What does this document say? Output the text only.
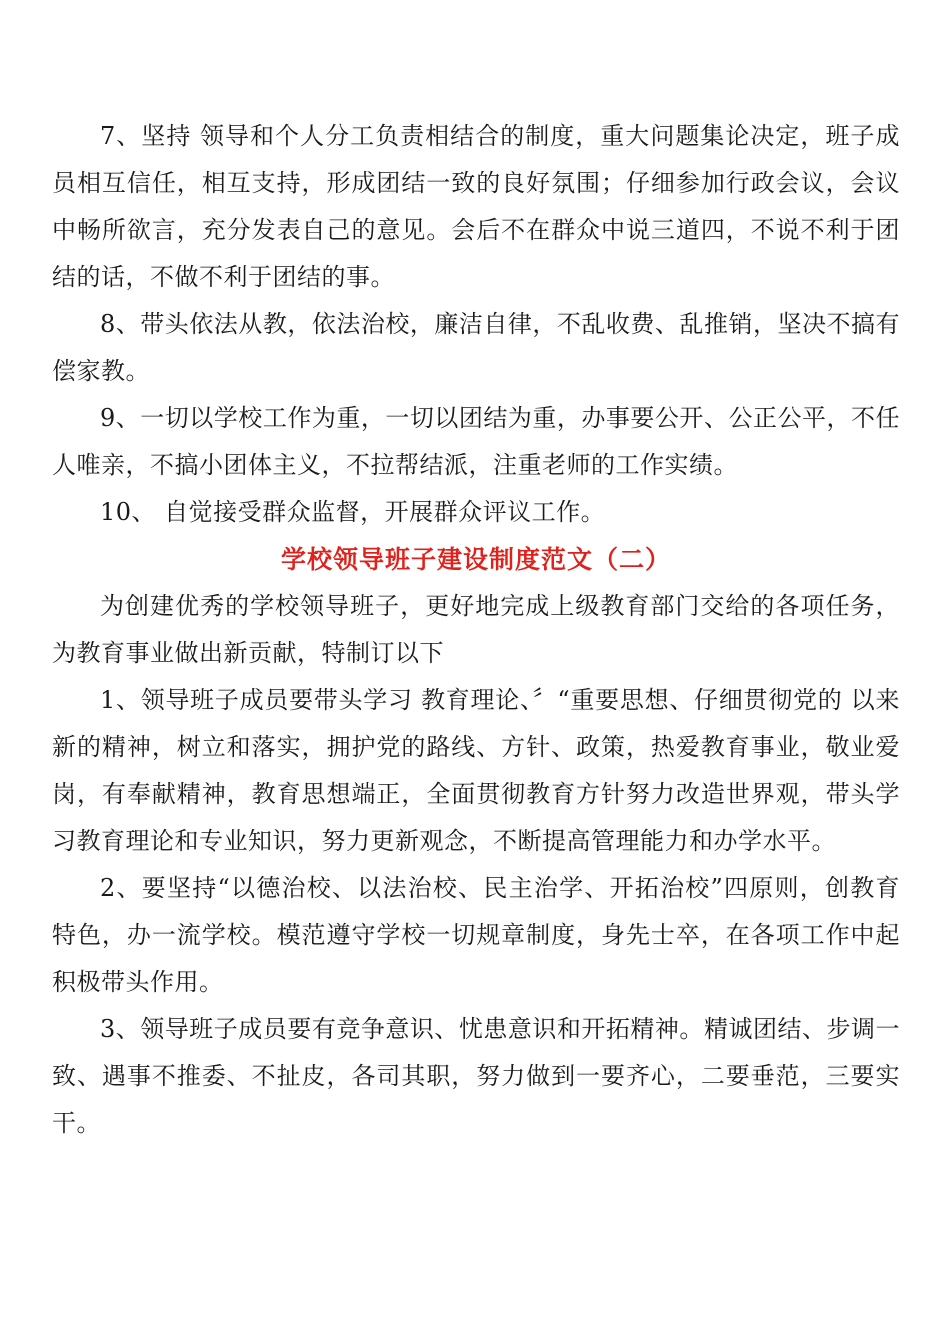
7、坚持 领导和个人分工负责相结合的制度，重大问题集论决定，班子成员相互信任，相互支持，形成团结一致的良好氛围；仔细参加行政会议，会议中畅所欲言，充分发表自己的意见。会后不在群众中说三道四，不说不利于团结的话，不做不利于团结的事。

8、带头依法从教，依法治校，廉洁自律，不乱收费、乱推销，坚决不搞有偿家教。

9、一切以学校工作为重，一切以团结为重，办事要公开、公正公平，不任人唯亲，不搞小团体主义，不拉帮结派，注重老师的工作实绩。

10、 自觉接受群众监督，开展群众评议工作。

学校领导班子建设制度范文（二）

为创建优秀的学校领导班子，更好地完成上级教育部门交给的各项任务，为教育事业做出新贡献，特制订以下

1、领导班子成员要带头学习 教育理论、〞“重要思想、仔细贯彻党的 以来新的精神，树立和落实，拥护党的路线、方针、政策，热爱教育事业，敬业爱岗，有奉献精神，教育思想端正，全面贯彻教育方针努力改造世界观，带头学习教育理论和专业知识，努力更新观念，不断提高管理能力和办学水平。

2、要坚持“以德治校、以法治校、民主治学、开拓治校”四原则，创教育特色，办一流学校。模范遵守学校一切规章制度，身先士卒，在各项工作中起积极带头作用。

3、领导班子成员要有竞争意识、忧患意识和开拓精神。精诚团结、步调一致、遇事不推委、不扯皮，各司其职，努力做到一要齐心，二要垂范，三要实干。
